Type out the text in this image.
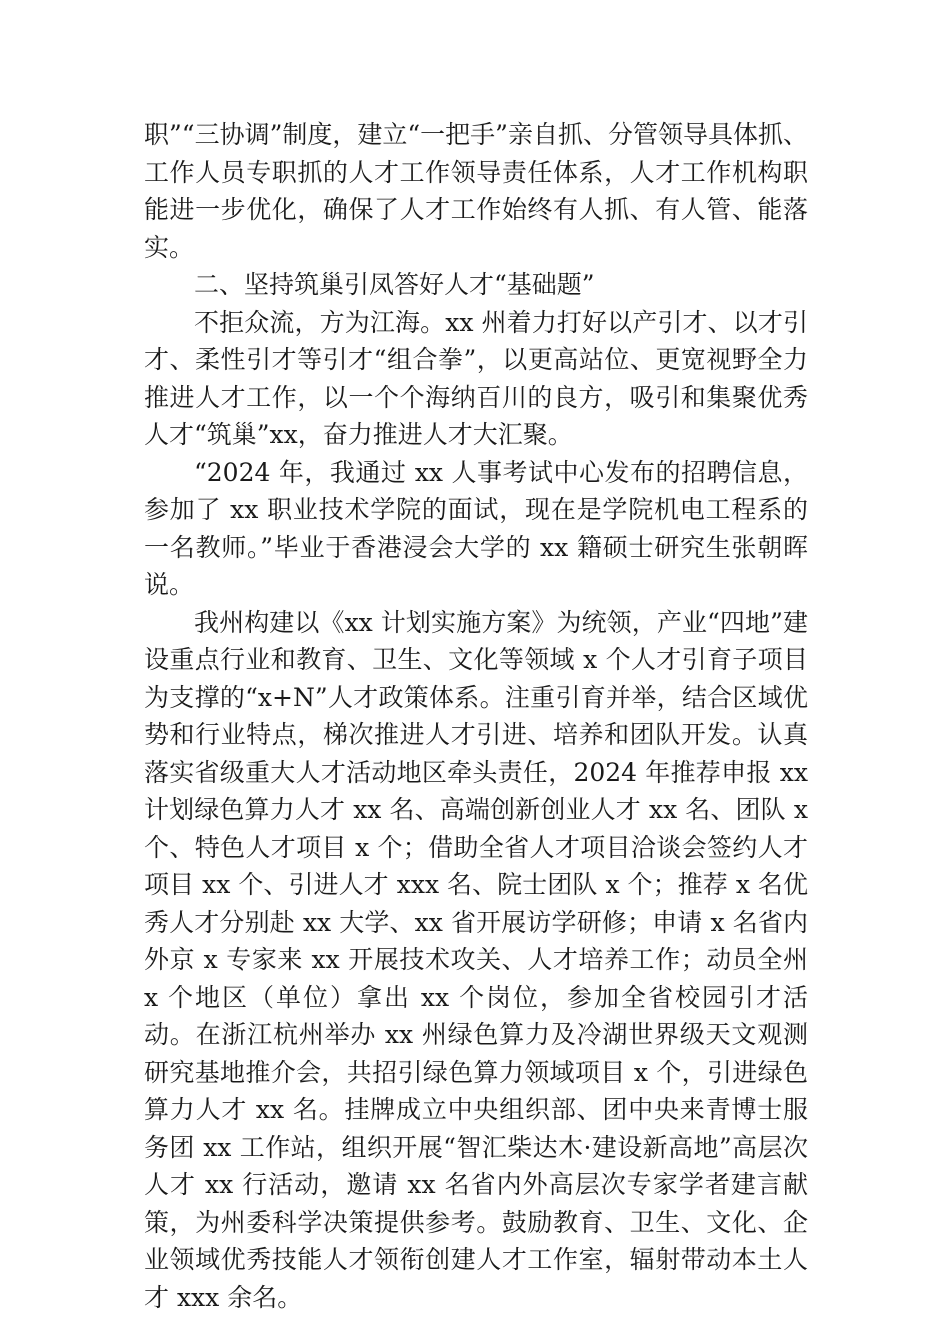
职”“三协调”制度，建立“一把手”亲自抓、分管领导具体抓、工作人员专职抓的人才工作领导责任体系，人才工作机构职能进一步优化，确保了人才工作始终有人抓、有人管、能落实。

二、坚持筑巢引凤答好人才“基础题”

不拒众流，方为江海。xx 州着力打好以产引才、以才引才、柔性引才等引才“组合拳”，以更高站位、更宽视野全力推进人才工作，以一个个海纳百川的良方，吸引和集聚优秀人才“筑巢”xx，奋力推进人才大汇聚。

“2024 年，我通过 xx 人事考试中心发布的招聘信息，参加了 xx 职业技术学院的面试，现在是学院机电工程系的一名教师。”毕业于香港浸会大学的 xx 籍硕士研究生张朝晖说。

我州构建以《xx 计划实施方案》为统领，产业“四地”建设重点行业和教育、卫生、文化等领域 x 个人才引育子项目为支撑的“x+N”人才政策体系。注重引育并举，结合区域优势和行业特点，梯次推进人才引进、培养和团队开发。认真落实省级重大人才活动地区牵头责任，2024 年推荐申报 xx 计划绿色算力人才 xx 名、高端创新创业人才 xx 名、团队 x 个、特色人才项目 x 个；借助全省人才项目洽谈会签约人才项目 xx 个、引进人才 xxx 名、院士团队 x 个；推荐 x 名优秀人才分别赴 xx 大学、xx 省开展访学研修；申请 x 名省内外京 x 专家来 xx 开展技术攻关、人才培养工作；动员全州 x 个地区（单位）拿出 xx 个岗位，参加全省校园引才活动。在浙江杭州举办 xx 州绿色算力及冷湖世界级天文观测研究基地推介会，共招引绿色算力领域项目 x 个，引进绿色算力人才 xx 名。挂牌成立中央组织部、团中央来青博士服务团 xx 工作站，组织开展“智汇柴达木·建设新高地”高层次人才 xx 行活动，邀请 xx 名省内外高层次专家学者建言献策，为州委科学决策提供参考。鼓励教育、卫生、文化、企业领域优秀技能人才领衔创建人才工作室，辐射带动本土人才 xxx 余名。
